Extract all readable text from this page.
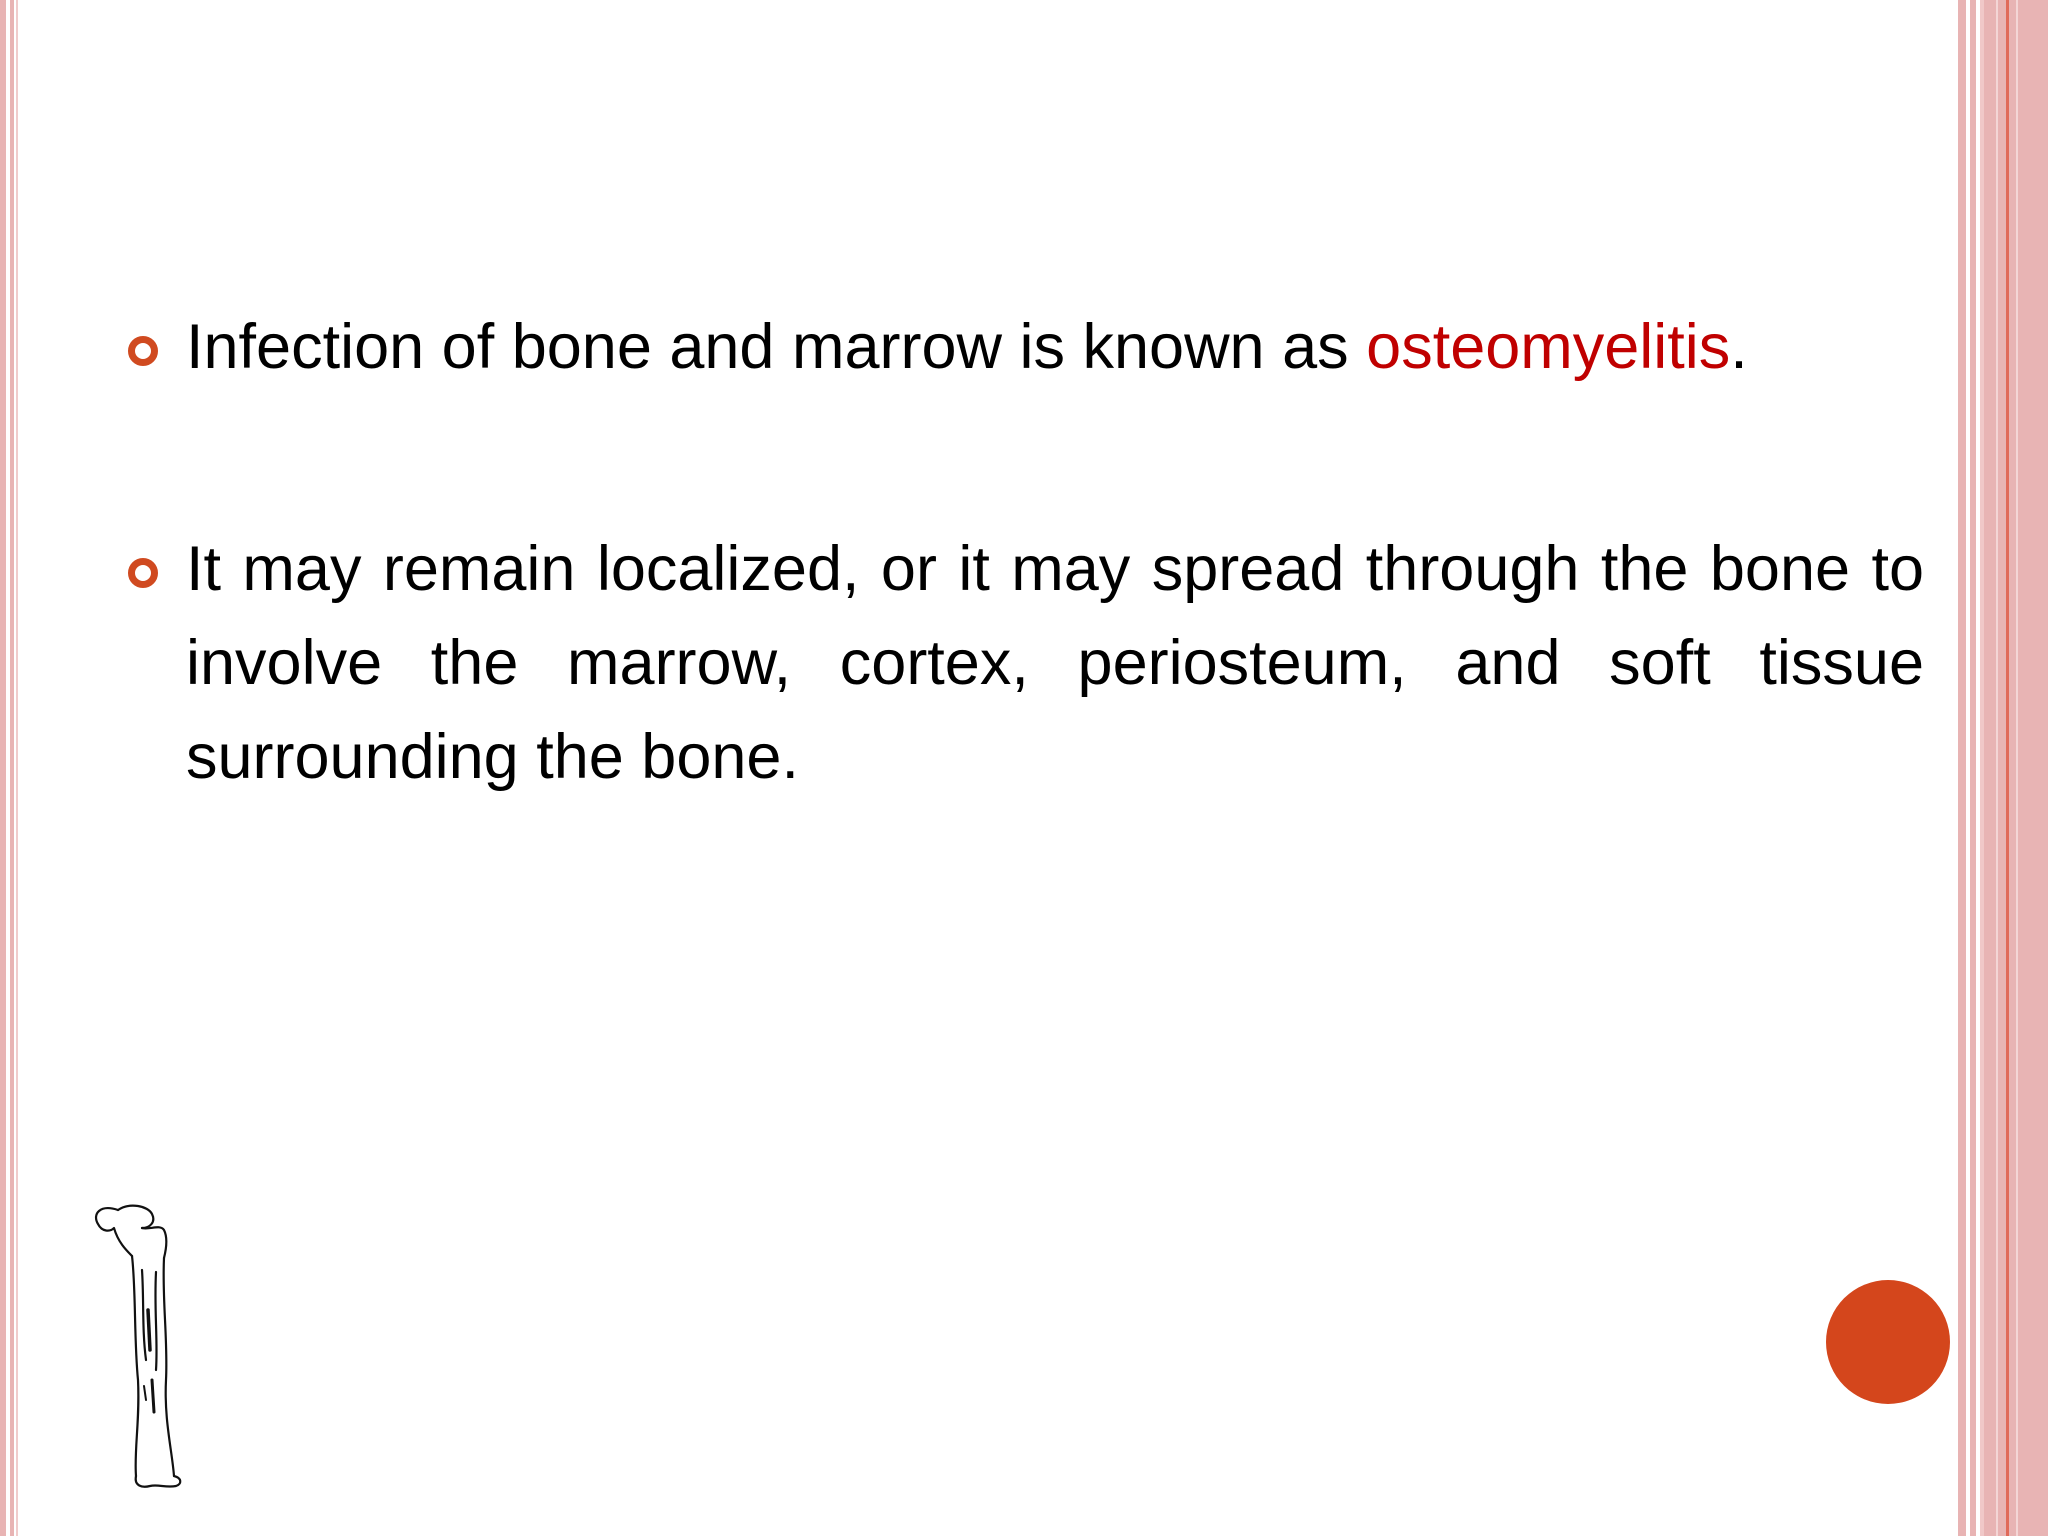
Infection of bone and marrow is known as osteomyelitis.
It may remain localized, or it may spread through the bone to involve the marrow, cortex, periosteum, and soft tissue surrounding the bone.
